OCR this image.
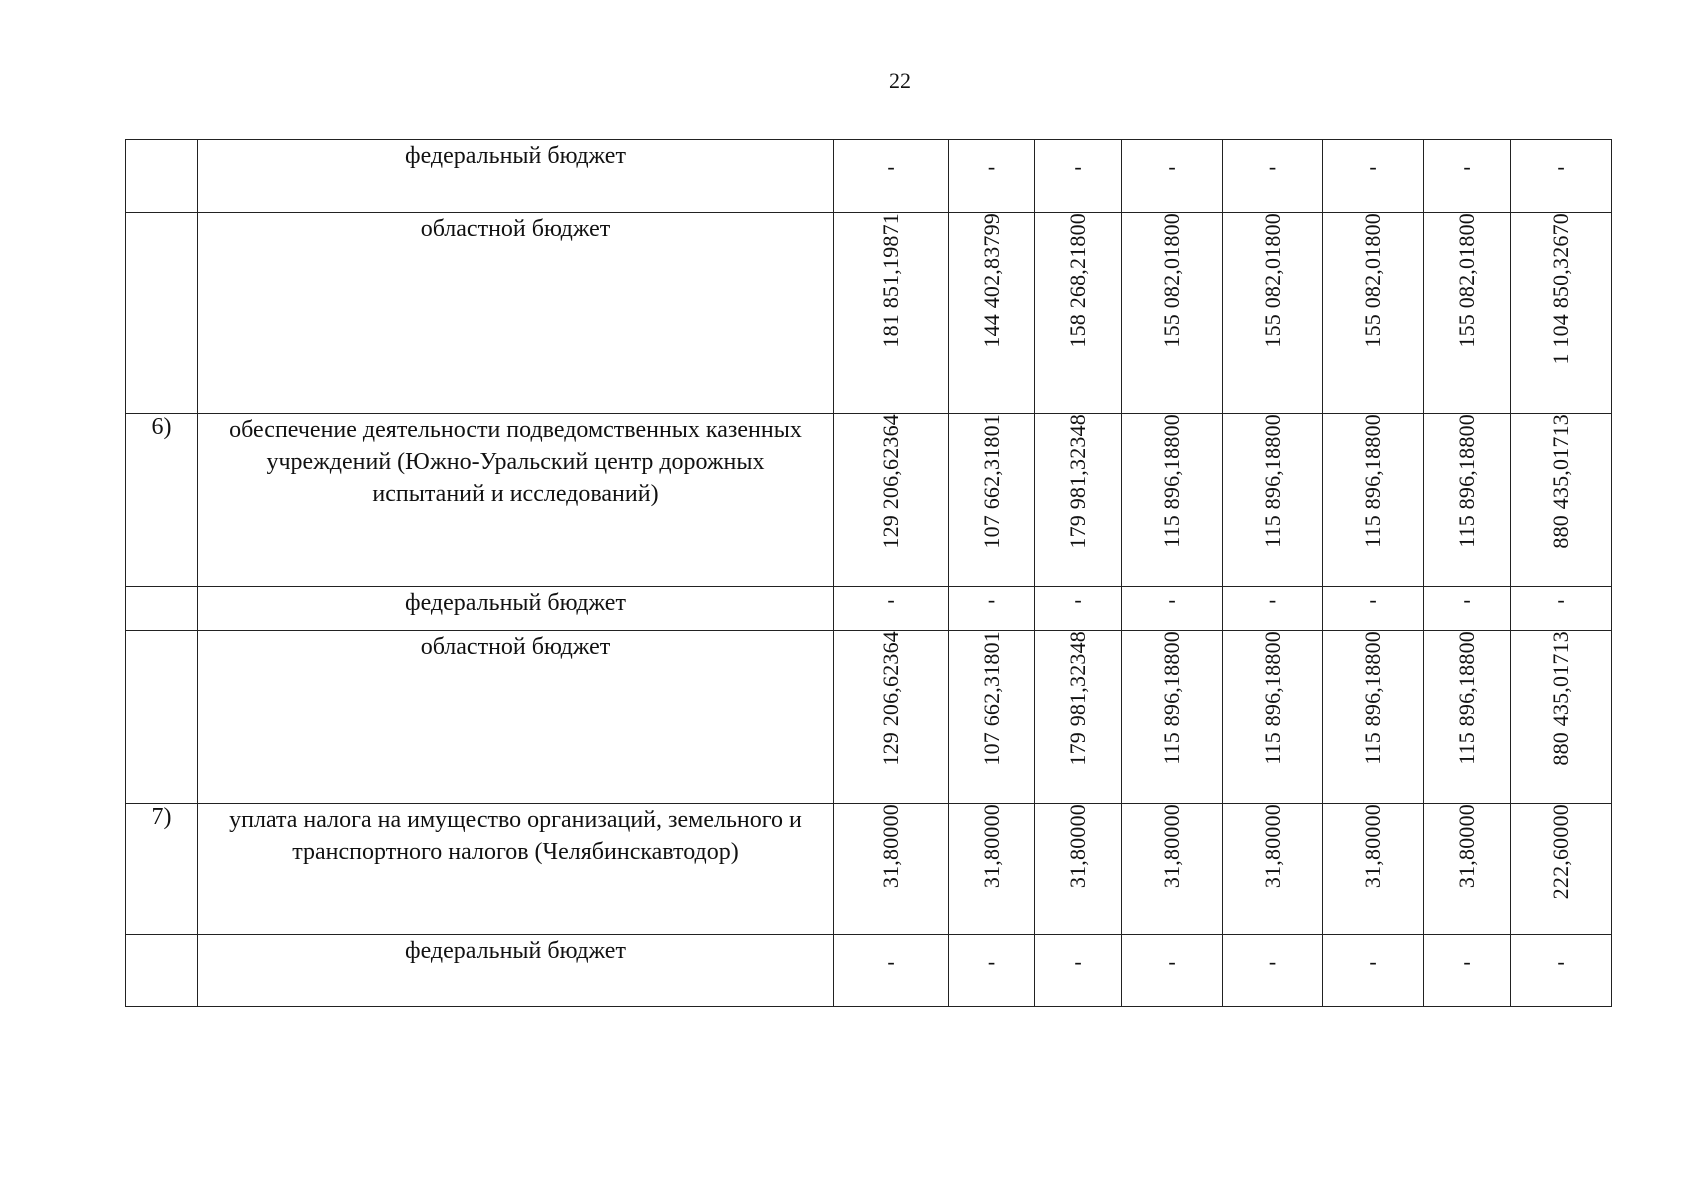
22
	федеральный бюджет	-	-	-	-	-	-	-	-
	областной бюджет	181 851,19871	144 402,83799	158 268,21800	155 082,01800	155 082,01800	155 082,01800	155 082,01800	1 104 850,32670
6)	обеспечение деятельности подведомственных казенных учреждений (Южно-Уральский центр дорожных испытаний и исследований)	129 206,62364	107 662,31801	179 981,32348	115 896,18800	115 896,18800	115 896,18800	115 896,18800	880 435,01713
	федеральный бюджет	-	-	-	-	-	-	-	-
	областной бюджет	129 206,62364	107 662,31801	179 981,32348	115 896,18800	115 896,18800	115 896,18800	115 896,18800	880 435,01713
7)	уплата налога на имущество организаций, земельного и транспортного налогов (Челябинскавтодор)	31,80000	31,80000	31,80000	31,80000	31,80000	31,80000	31,80000	222,60000
	федеральный бюджет	-	-	-	-	-	-	-	-
